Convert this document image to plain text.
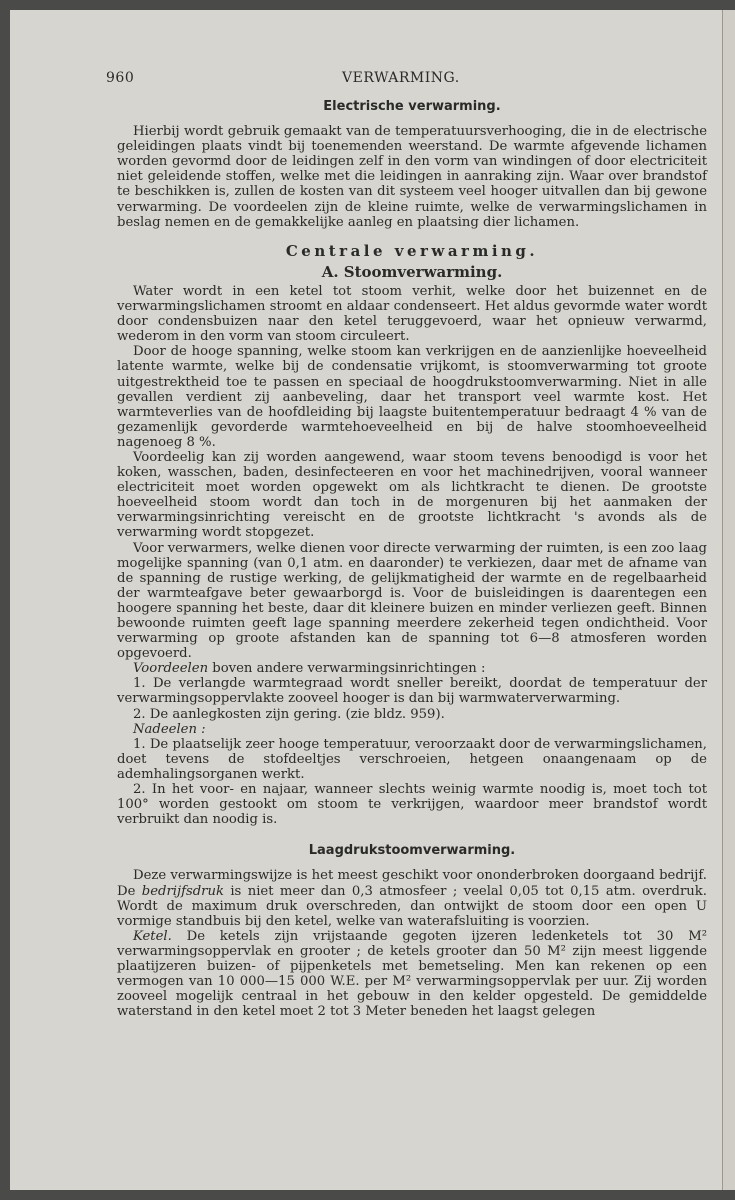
960	VERWARMING.
Electrische verwarming.

Hierbij wordt gebruik gemaakt van de temperatuursverhooging, die in de electrische geleidingen plaats vindt bij toenemenden weerstand. De warmte afgevende lichamen worden gevormd door de leidingen zelf in den vorm van windingen of door electriciteit niet geleidende stoffen, welke met die leidingen in aanraking zijn. Waar over brandstof te beschikken is, zullen de kosten van dit systeem veel hooger uitvallen dan bij gewone verwarming. De voordeelen zijn de kleine ruimte, welke de verwarmingslichamen in beslag nemen en de gemakkelijke aanleg en plaatsing dier lichamen.

Centrale verwarming.
A. Stoomverwarming.

Water wordt in een ketel tot stoom verhit, welke door het buizennet en de verwarmingslichamen stroomt en aldaar condenseert. Het aldus gevormde water wordt door condensbuizen naar den ketel teruggevoerd, waar het opnieuw verwarmd, wederom in den vorm van stoom circuleert.

Door de hooge spanning, welke stoom kan verkrijgen en de aanzienlijke hoeveelheid latente warmte, welke bij de condensatie vrijkomt, is stoomverwarming tot groote uitgestrektheid toe te passen en speciaal de hoogdrukstoomverwarming. Niet in alle gevallen verdient zij aanbeveling, daar het transport veel warmte kost. Het warmteverlies van de hoofdleiding bij laagste buitentemperatuur bedraagt 4 % van de gezamenlijk gevorderde warmtehoeveelheid en bij de halve stoomhoeveelheid nagenoeg 8 %.

Voordeelig kan zij worden aangewend, waar stoom tevens benoodigd is voor het koken, wasschen, baden, desinfecteeren en voor het machinedrijven, vooral wanneer electriciteit moet worden opgewekt om als lichtkracht te dienen. De grootste hoeveelheid stoom wordt dan toch in de morgenuren bij het aanmaken der verwarmingsinrichting vereischt en de grootste lichtkracht 's avonds als de verwarming wordt stopgezet.

Voor verwarmers, welke dienen voor directe verwarming der ruimten, is een zoo laag mogelijke spanning (van 0,1 atm. en daaronder) te verkiezen, daar met de afname van de spanning de rustige werking, de gelijkmatigheid der warmte en de regelbaarheid der warmteafgave beter gewaarborgd is. Voor de buisleidingen is daarentegen een hoogere spanning het beste, daar dit kleinere buizen en minder verliezen geeft. Binnen bewoonde ruimten geeft lage spanning meerdere zekerheid tegen ondichtheid. Voor verwarming op groote afstanden kan de spanning tot 6—8 atmosferen worden opgevoerd.

Voordeelen boven andere verwarmingsinrichtingen :

1. De verlangde warmtegraad wordt sneller bereikt, doordat de temperatuur der verwarmingsoppervlakte zooveel hooger is dan bij warmwaterverwarming.

2. De aanlegkosten zijn gering. (zie bldz. 959).

Nadeelen :

1. De plaatselijk zeer hooge temperatuur, veroorzaakt door de verwarmingslichamen, doet tevens de stofdeeltjes verschroeien, hetgeen onaangenaam op de ademhalingsorganen werkt.

2. In het voor- en najaar, wanneer slechts weinig warmte noodig is, moet toch tot 100° worden gestookt om stoom te verkrijgen, waardoor meer brandstof wordt verbruikt dan noodig is.

Laagdrukstoomverwarming.

Deze verwarmingswijze is het meest geschikt voor ononderbroken doorgaand bedrijf. De bedrijfsdruk is niet meer dan 0,3 atmosfeer ; veelal 0,05 tot 0,15 atm. overdruk. Wordt de maximum druk overschreden, dan ontwijkt de stoom door een open U vormige standbuis bij den ketel, welke van waterafsluiting is voorzien.

Ketel. De ketels zijn vrijstaande gegoten ijzeren ledenketels tot 30 M² verwarmingsoppervlak en grooter ; de ketels grooter dan 50 M² zijn meest liggende plaatijzeren buizen- of pijpenketels met bemetseling. Men kan rekenen op een vermogen van 10 000—15 000 W.E. per M² verwarmingsoppervlak per uur. Zij worden zooveel mogelijk centraal in het gebouw in den kelder opgesteld. De gemiddelde waterstand in den ketel moet 2 tot 3 Meter beneden het laagst gelegen
